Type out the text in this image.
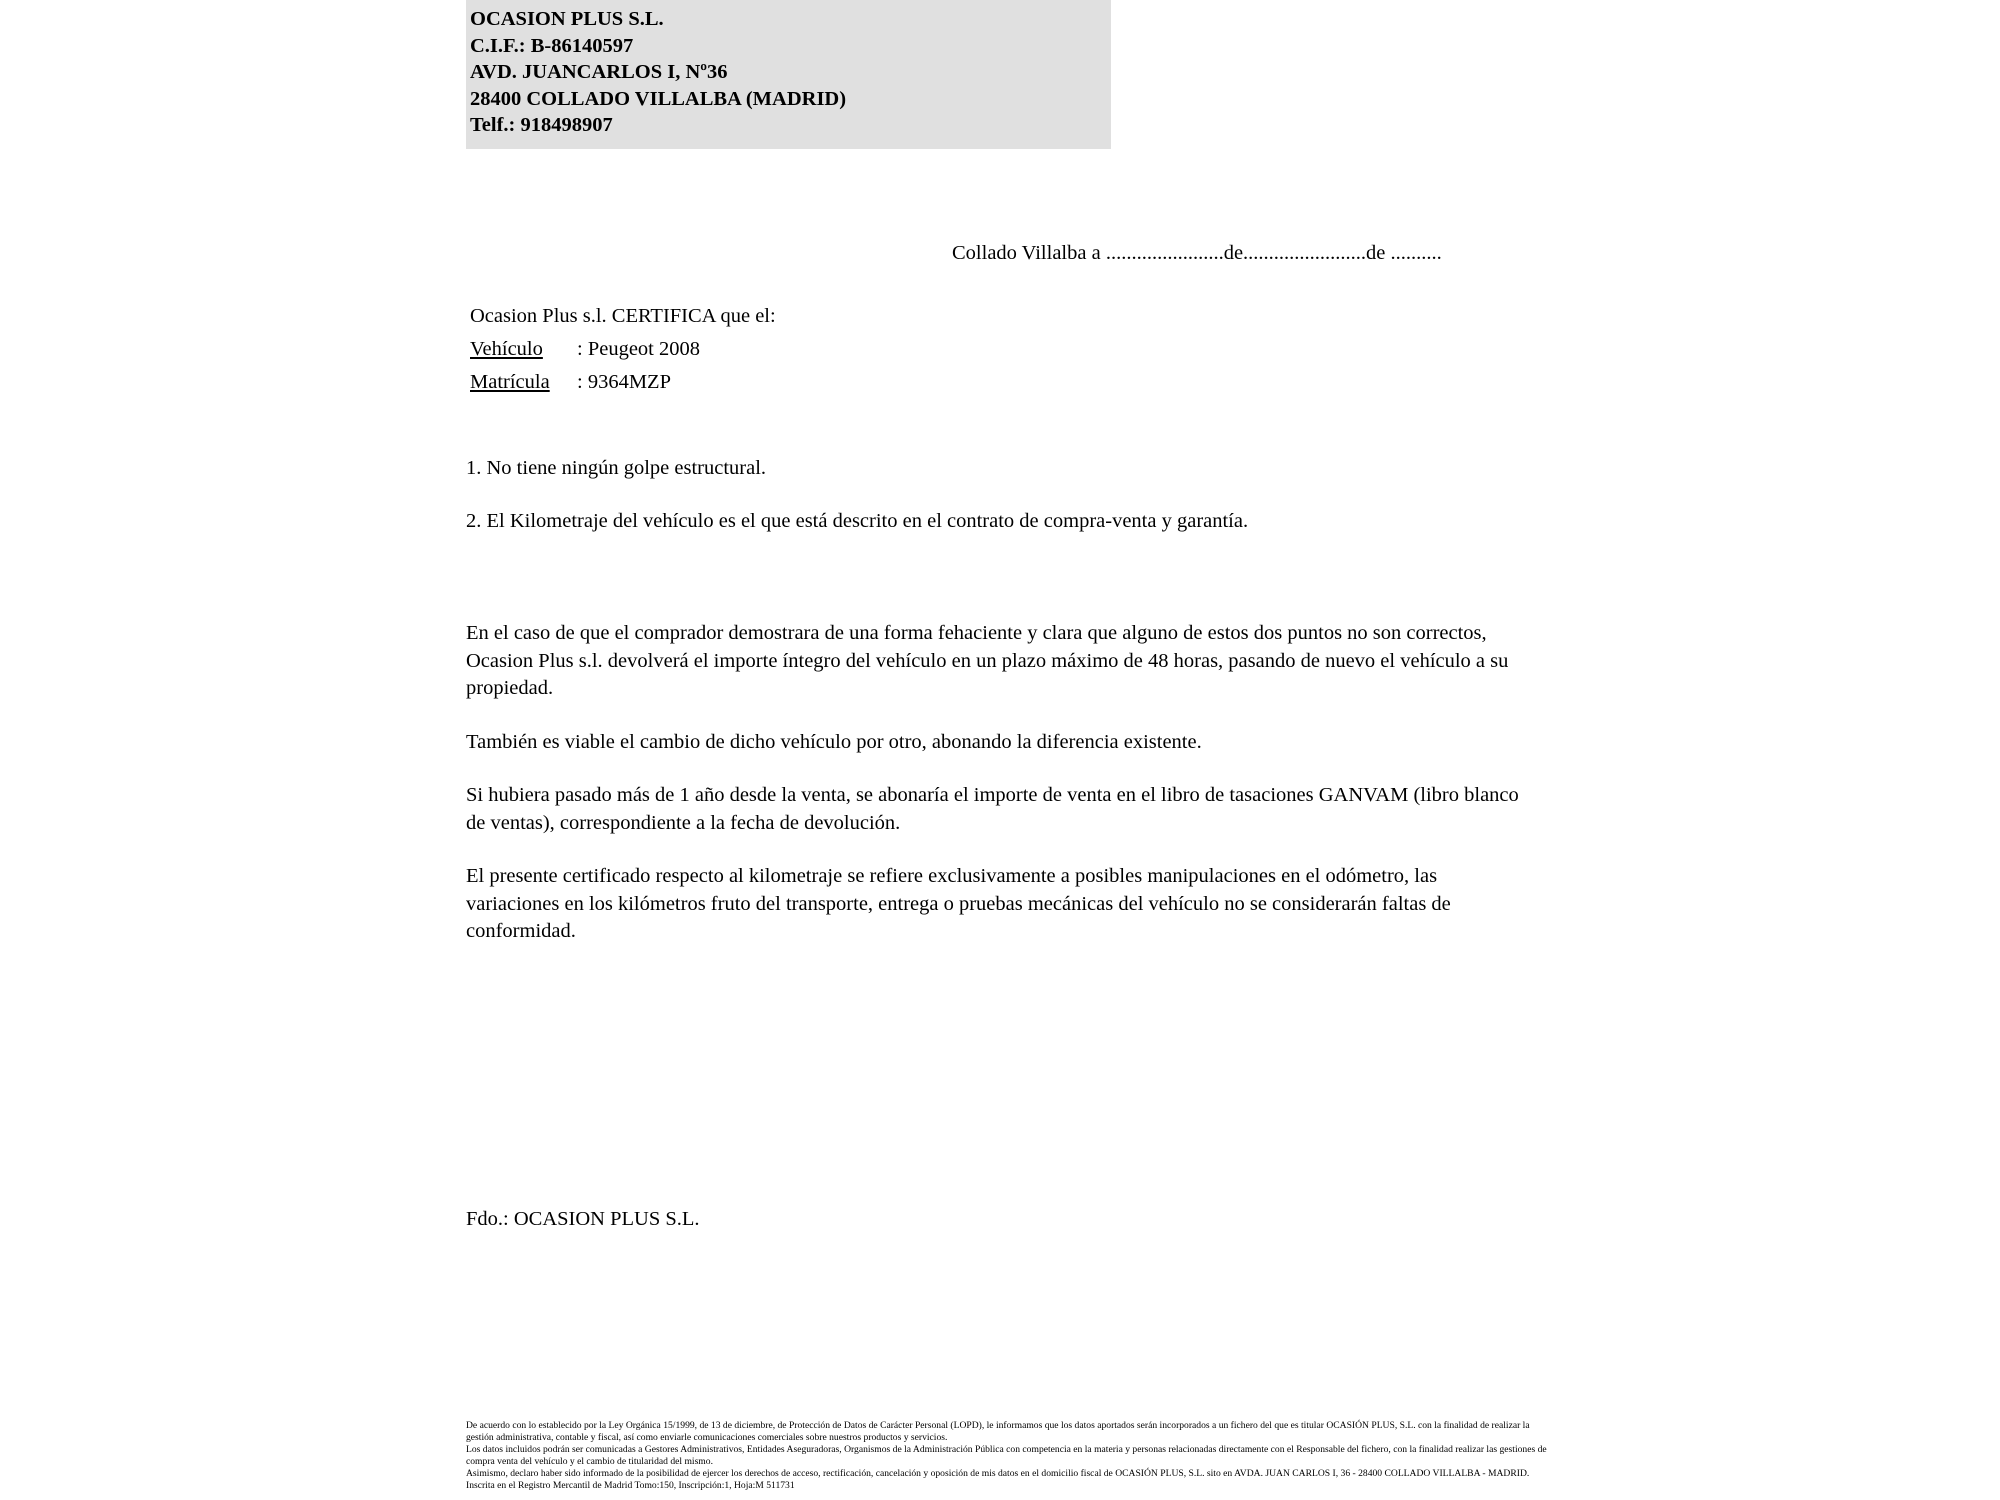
OCASION PLUS S.L.
C.I.F.: B-86140597
AVD. JUANCARLOS I, Nº36
28400 COLLADO VILLALBA (MADRID)
Telf.: 918498907
Collado Villalba a .......................de........................de ..........
Ocasion Plus s.l. CERTIFICA que el:
Vehículo : Peugeot 2008
Matrícula : 9364MZP
1. No tiene ningún golpe estructural.
2. El Kilometraje del vehículo es el que está descrito en el contrato de compra-venta y garantía.

En el caso de que el comprador demostrara de una forma fehaciente y clara que alguno de estos dos puntos no son correctos, Ocasion Plus s.l. devolverá el importe íntegro del vehículo en un plazo máximo de 48 horas, pasando de nuevo el vehículo a su propiedad.

También es viable el cambio de dicho vehículo por otro, abonando la diferencia existente.

Si hubiera pasado más de 1 año desde la venta, se abonaría el importe de venta en el libro de tasaciones GANVAM (libro blanco de ventas), correspondiente a la fecha de devolución.

El presente certificado respecto al kilometraje se refiere exclusivamente a posibles manipulaciones en el odómetro, las variaciones en los kilómetros fruto del transporte, entrega o pruebas mecánicas del vehículo no se considerarán faltas de conformidad.

Fdo.: OCASION PLUS S.L.

De acuerdo con lo establecido por la Ley Orgánica 15/1999, de 13 de diciembre, de Protección de Datos de Carácter Personal (LOPD), le informamos que los datos aportados serán incorporados a un fichero del que es titular OCASIÓN PLUS, S.L. con la finalidad de realizar la gestión administrativa, contable y fiscal, así como enviarle comunicaciones comerciales sobre nuestros productos y servicios.

Los datos incluidos podrán ser comunicadas a Gestores Administrativos, Entidades Aseguradoras, Organismos de la Administración Pública con competencia en la materia y personas relacionadas directamente con el Responsable del fichero, con la finalidad realizar las gestiones de compra venta del vehículo y el cambio de titularidad del mismo.

Asimismo, declaro haber sido informado de la posibilidad de ejercer los derechos de acceso, rectificación, cancelación y oposición de mis datos en el domicilio fiscal de OCASIÓN PLUS, S.L. sito en AVDA. JUAN CARLOS I, 36 - 28400 COLLADO VILLALBA - MADRID. Inscrita en el Registro Mercantil de Madrid Tomo:150, Inscripción:1, Hoja:M 511731
